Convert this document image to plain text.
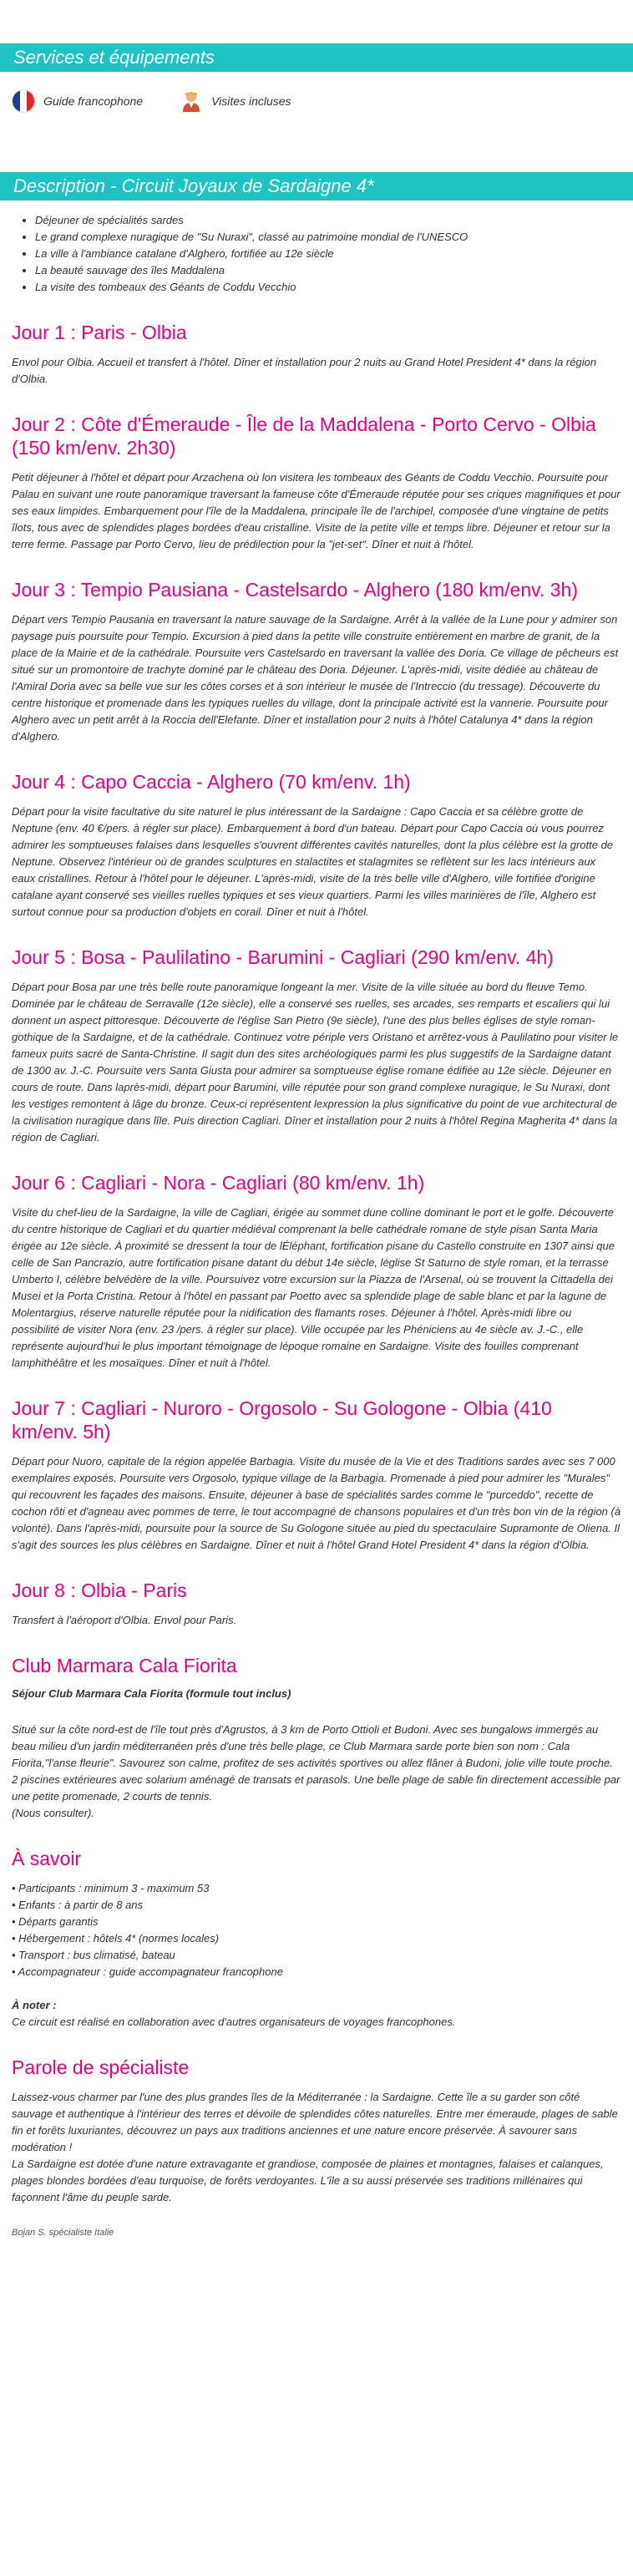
Services et équipements
Guide francophone	Visites incluses
Description - Circuit Joyaux de Sardaigne 4*
• Déjeuner de spécialités sardes
• Le grand complexe nuragique de "Su Nuraxi", classé au patrimoine mondial de l'UNESCO
• La ville à l'ambiance catalane d'Alghero, fortifiée au 12e siècle
• La beauté sauvage des îles Maddalena
• La visite des tombeaux des Géants de Coddu Vecchio
Jour 1 : Paris - Olbia

Envol pour Olbia. Accueil et transfert à l'hôtel. Dîner et installation pour 2 nuits au Grand Hotel President 4* dans la région d'Olbia.

Jour 2 : Côte d'Émeraude - Île de la Maddalena - Porto Cervo - Olbia (150 km/env. 2h30)

Petit déjeuner à l'hôtel et départ pour Arzachena où lon visitera les tombeaux des Géants de Coddu Vecchio. Poursuite pour Palau en suivant une route panoramique traversant la fameuse côte d'Émeraude réputée pour ses criques magnifiques et pour ses eaux limpides. Embarquement pour l'île de la Maddalena, principale île de l'archipel, composée d'une vingtaine de petits îlots, tous avec de splendides plages bordées d'eau cristalline. Visite de la petite ville et temps libre. Déjeuner et retour sur la terre ferme. Passage par Porto Cervo, lieu de prédilection pour la "jet-set". Dîner et nuit à l'hôtel.

Jour 3 : Tempio Pausiana - Castelsardo - Alghero (180 km/env. 3h)

Départ vers Tempio Pausania en traversant la nature sauvage de la Sardaigne. Arrêt à la vallée de la Lune pour y admirer son paysage puis poursuite pour Tempio. Excursion à pied dans la petite ville construite entièrement en marbre de granit, de la place de la Mairie et de la cathédrale. Poursuite vers Castelsardo en traversant la vallée des Doria. Ce village de pêcheurs est situé sur un promontoire de trachyte dominé par le château des Doria. Déjeuner. L'après-midi, visite dédiée au château de l'Amiral Doria avec sa belle vue sur les côtes corses et à son intérieur le musée de l'Intreccio (du tressage). Découverte du centre historique et promenade dans les typiques ruelles du village, dont la principale activité est la vannerie. Poursuite pour Alghero avec un petit arrêt à la Roccia dell'Elefante. Dîner et installation pour 2 nuits à l'hôtel Catalunya 4* dans la région d'Alghero.

Jour 4 : Capo Caccia - Alghero (70 km/env. 1h)

Départ pour la visite facultative du site naturel le plus intéressant de la Sardaigne : Capo Caccia et sa célèbre grotte de Neptune (env. 40 €/pers. à régler sur place). Embarquement à bord d'un bateau. Départ pour Capo Caccia où vous pourrez admirer les somptueuses falaises dans lesquelles s'ouvrent différentes cavités naturelles, dont la plus célèbre est la grotte de Neptune. Observez l'intérieur où de grandes sculptures en stalactites et stalagmites se reflètent sur les lacs intérieurs aux eaux cristallines. Retour à l'hôtel pour le déjeuner. L'après-midi, visite de la très belle ville d'Alghero, ville fortifiée d'origine catalane ayant conservé ses vieilles ruelles typiques et ses vieux quartiers. Parmi les villes marinières de l'île, Alghero est surtout connue pour sa production d'objets en corail. Dîner et nuit à l'hôtel.

Jour 5 : Bosa - Paulilatino - Barumini - Cagliari (290 km/env. 4h)

Départ pour Bosa par une très belle route panoramique longeant la mer. Visite de la ville située au bord du fleuve Temo. Dominée par le château de Serravalle (12e siècle), elle a conservé ses ruelles, ses arcades, ses remparts et escaliers qui lui donnent un aspect pittoresque. Découverte de l'église San Pietro (9e siècle), l'une des plus belles églises de style roman-gothique de la Sardaigne, et de la cathédrale. Continuez votre périple vers Oristano et arrêtez-vous à Paulilatino pour visiter le fameux puits sacré de Santa-Christine. Il sagit dun des sites archéologiques parmi les plus suggestifs de la Sardaigne datant de 1300 av. J.-C. Poursuite vers Santa Giusta pour admirer sa somptueuse église romane édifiée au 12e siècle. Déjeuner en cours de route. Dans laprès-midi, départ pour Barumini, ville réputée pour son grand complexe nuragique, le Su Nuraxi, dont les vestiges remontent à lâge du bronze. Ceux-ci représentent lexpression la plus significative du point de vue architectural de la civilisation nuragique dans lîle. Puis direction Cagliari. Dîner et installation pour 2 nuits à l'hôtel Regina Magherita 4* dans la région de Cagliari.

Jour 6 : Cagliari - Nora - Cagliari (80 km/env. 1h)

Visite du chef-lieu de la Sardaigne, la ville de Cagliari, érigée au sommet dune colline dominant le port et le golfe. Découverte du centre historique de Cagliari et du quartier médiéval comprenant la belle cathédrale romane de style pisan Santa Maria érigée au 12e siècle. À proximité se dressent la tour de lÉléphant, fortification pisane du Castello construite en 1307 ainsi que celle de San Pancrazio, autre fortification pisane datant du début 14e siècle, léglise St Saturno de style roman, et la terrasse Umberto I, célèbre belvédère de la ville. Poursuivez votre excursion sur la Piazza de l'Arsenal, où se trouvent la Cittadella dei Musei et la Porta Cristina. Retour à l'hôtel en passant par Poetto avec sa splendide plage de sable blanc et par la lagune de Molentargius, réserve naturelle réputée pour la nidification des flamants roses. Déjeuner à l'hôtel. Après-midi libre ou possibilité de visiter Nora (env. 23 /pers. à régler sur place). Ville occupée par les Phéniciens au 4e siècle av. J.-C., elle représente aujourd'hui le plus important témoignage de lépoque romaine en Sardaigne. Visite des fouilles comprenant lamphithéâtre et les mosaïques. Dîner et nuit à l'hôtel.

Jour 7 : Cagliari - Nuroro - Orgosolo - Su Gologone - Olbia (410 km/env. 5h)

Départ pour Nuoro, capitale de la région appelée Barbagia. Visite du musée de la Vie et des Traditions sardes avec ses 7 000 exemplaires exposés. Poursuite vers Orgosolo, typique village de la Barbagia. Promenade à pied pour admirer les "Murales" qui recouvrent les façades des maisons. Ensuite, déjeuner à base de spécialités sardes comme le "purceddo", recette de cochon rôti et d'agneau avec pommes de terre, le tout accompagné de chansons populaires et d'un très bon vin de la région (à volonté). Dans l'après-midi, poursuite pour la source de Su Gologone située au pied du spectaculaire Supramonte de Oliena. Il s'agit des sources les plus célèbres en Sardaigne. Dîner et nuit à l'hôtel Grand Hotel President 4* dans la région d'Olbia.

Jour 8 : Olbia - Paris

Transfert à l'aéroport d'Olbia. Envol pour Paris.

Club Marmara Cala Fiorita

Séjour Club Marmara Cala Fiorita (formule tout inclus)

Situé sur la côte nord-est de l'île tout près d'Agrustos, à 3 km de Porto Ottioli et Budoni. Avec ses bungalows immergés au beau milieu d'un jardin méditerranéen près d'une très belle plage, ce Club Marmara sarde porte bien son nom : Cala Fiorita,"l'anse fleurie". Savourez son calme, profitez de ses activités sportives ou allez flâner à Budoni, jolie ville toute proche. 2 piscines extérieures avec solarium aménagé de transats et parasols. Une belle plage de sable fin directement accessible par une petite promenade, 2 courts de tennis.

(Nous consulter).

À savoir
• Participants : minimum 3 - maximum 53
• Enfants : à partir de 8 ans
• Départs garantis
• Hébergement : hôtels 4* (normes locales)
• Transport : bus climatisé, bateau
• Accompagnateur : guide accompagnateur francophone

À noter :

Ce circuit est réalisé en collaboration avec d'autres organisateurs de voyages francophones.

Parole de spécialiste

Laissez-vous charmer par l'une des plus grandes îles de la Méditerranée : la Sardaigne. Cette île a su garder son côté sauvage et authentique à l'intérieur des terres et dévoile de splendides côtes naturelles. Entre mer émeraude, plages de sable fin et forêts luxuriantes, découvrez un pays aux traditions anciennes et une nature encore préservée. À savourer sans modération !

La Sardaigne est dotée d'une nature extravagante et grandiose, composée de plaines et montagnes, falaises et calanques, plages blondes bordées d'eau turquoise, de forêts verdoyantes. L'île a su aussi préservée ses traditions millénaires qui façonnent l'âme du peuple sarde.

Bojan S. spécialiste Italie
